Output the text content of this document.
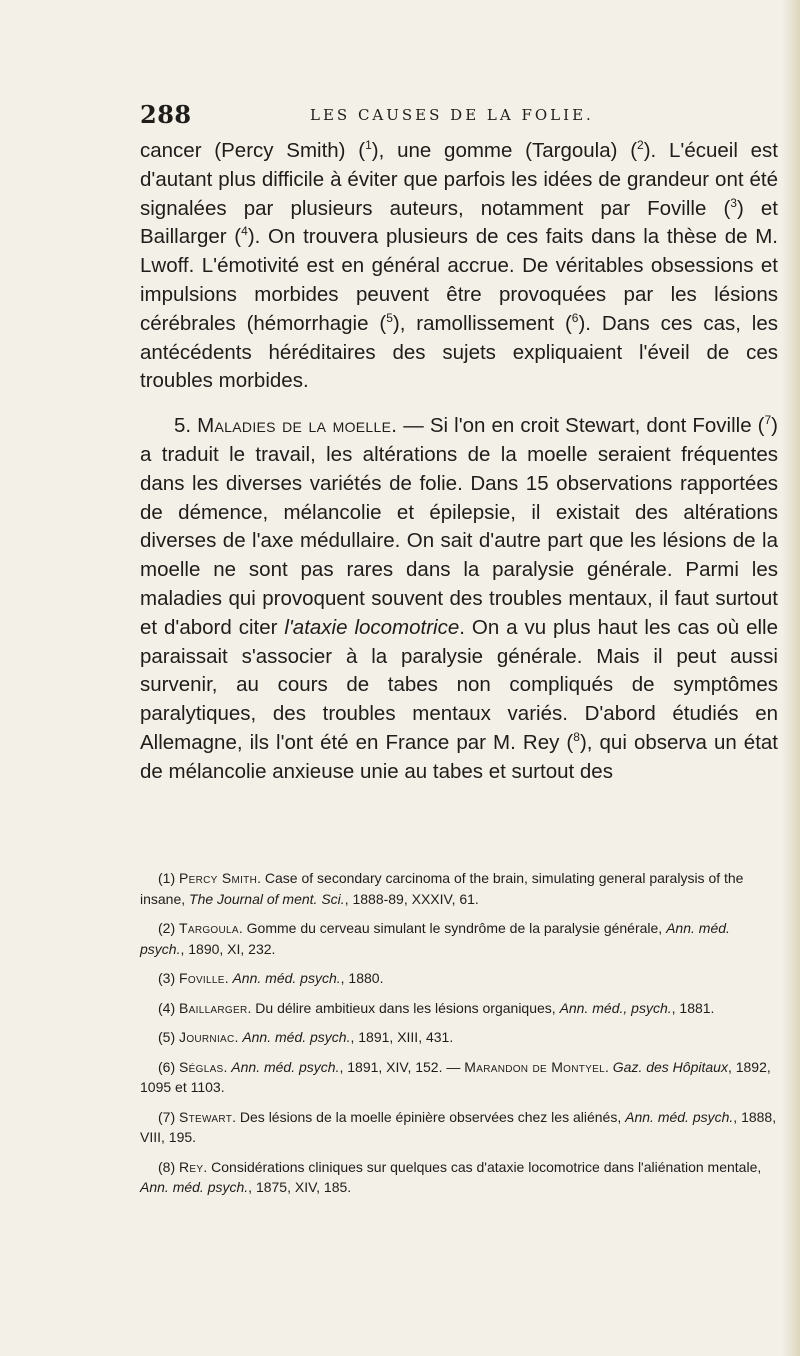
288	LES CAUSES DE LA FOLIE.

cancer (Percy Smith) ($^1$), une gomme (Targoula) ($^2$). L'écueil est d'autant plus difficile à éviter que parfois les idées de grandeur ont été signalées par plusieurs auteurs, notamment par Foville ($^3$) et Baillarger ($^4$). On trouvera plusieurs de ces faits dans la thèse de M. Lwoff. L'émotivité est en général accrue. De véritables obsessions et impulsions morbides peuvent être provoquées par les lésions cérébrales (hémorrhagie ($^5$), ramollissement ($^6$). Dans ces cas, les antécédents héréditaires des sujets expliquaient l'éveil de ces troubles morbides.

5. Maladies de la moelle. — Si l'on en croit Stewart, dont Foville ($^7$) a traduit le travail, les altérations de la moelle seraient fréquentes dans les diverses variétés de folie. Dans 15 observations rapportées de démence, mélancolie et épilepsie, il existait des altérations diverses de l'axe médullaire. On sait d'autre part que les lésions de la moelle ne sont pas rares dans la paralysie générale. Parmi les maladies qui provoquent souvent des troubles mentaux, il faut surtout et d'abord citer l'ataxie locomotrice. On a vu plus haut les cas où elle paraissait s'associer à la paralysie générale. Mais il peut aussi survenir, au cours de tabes non compliqués de symptômes paralytiques, des troubles mentaux variés. D'abord étudiés en Allemagne, ils l'ont été en France par M. Rey ($^8$), qui observa un état de mélancolie anxieuse unie au tabes et surtout des

(1) Percy Smith. Case of secondary carcinoma of the brain, simulating general paralysis of the insane, The Journal of ment. Sci., 1888-89, XXXIV, 61.

(2) Targoula. Gomme du cerveau simulant le syndrôme de la paralysie générale, Ann. méd. psych., 1890, XI, 232.

(3) Foville. Ann. méd. psych., 1880.

(4) Baillarger. Du délire ambitieux dans les lésions organiques, Ann. méd., psych., 1881.

(5) Journiac. Ann. méd. psych., 1891, XIII, 431.

(6) Séglas. Ann. méd. psych., 1891, XIV, 152. — Marandon de Montyel. Gaz. des Hôpitaux, 1892, 1095 et 1103.

(7) Stewart. Des lésions de la moelle épinière observées chez les aliénés, Ann. méd. psych., 1888, VIII, 195.

(8) Rey. Considérations cliniques sur quelques cas d'ataxie locomotrice dans l'aliénation mentale, Ann. méd. psych., 1875, XIV, 185.
